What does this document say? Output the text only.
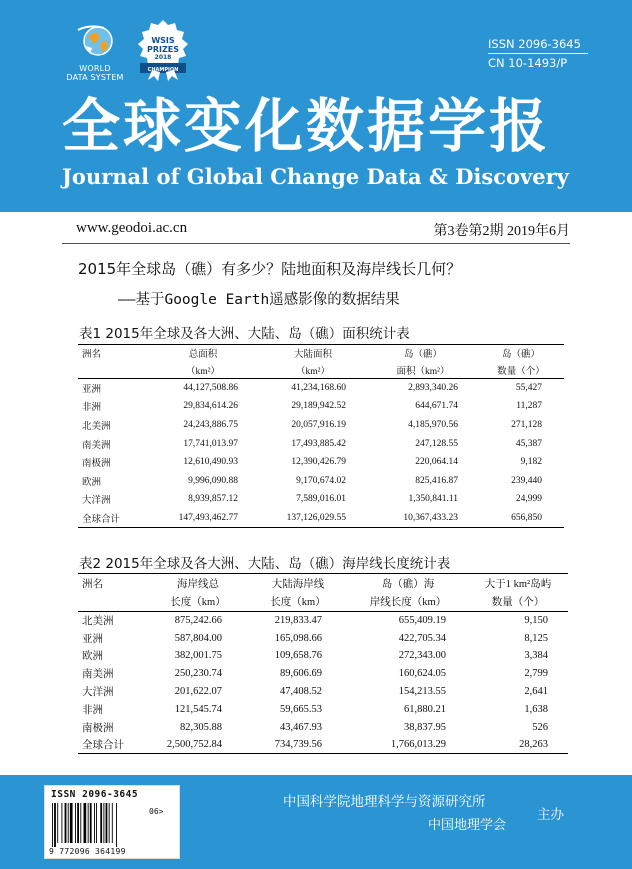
WORLD
DATA SYSTEM
WSIS
PRIZES
2018
CHAMPION
ISSN 2096-3645
CN 10-1493/P
全球变化数据学报
Journal of Global Change Data & Discovery
www.geodoi.ac.cn	第3卷第2期 2019年6月
2015年全球岛（礁）有多少？陆地面积及海岸线长几何？
——基于Google Earth遥感影像的数据结果
表1 2015年全球及各大洲、大陆、岛（礁）面积统计表
洲名	总面积	大陆面积	岛（礁）	岛（礁）
	（km²）	（km²）	面积（km²）	数量（个）
亚洲	44,127,508.86	41,234,168.60	2,893,340.26	55,427
非洲	29,834,614.26	29,189,942.52	644,671.74	11,287
北美洲	24,243,886.75	20,057,916.19	4,185,970.56	271,128
南美洲	17,741,013.97	17,493,885.42	247,128.55	45,387
南极洲	12,610,490.93	12,390,426.79	220,064.14	9,182
欧洲	9,996,090.88	9,170,674.02	825,416.87	239,440
大洋洲	8,939,857.12	7,589,016.01	1,350,841.11	24,999
全球合计	147,493,462.77	137,126,029.55	10,367,433.23	656,850
表2 2015年全球及各大洲、大陆、岛（礁）海岸线长度统计表
洲名	海岸线总	大陆海岸线	岛（礁）海	大于1 km²岛屿
	长度（km）	长度（km）	岸线长度（km）	数量（个）
北美洲	875,242.66	219,833.47	655,409.19	9,150
亚洲	587,804.00	165,098.66	422,705.34	8,125
欧洲	382,001.75	109,658.76	272,343.00	3,384
南美洲	250,230.74	89,606.69	160,624.05	2,799
大洋洲	201,622.07	47,408.52	154,213.55	2,641
非洲	121,545.74	59,665.53	61,880.21	1,638
南极洲	82,305.88	43,467.93	38,837.95	526
全球合计	2,500,752.84	734,739.56	1,766,013.29	28,263
ISSN 2096-3645
06>
9 772096 364199
中国科学院地理科学与资源研究所
中国地理学会
主办
